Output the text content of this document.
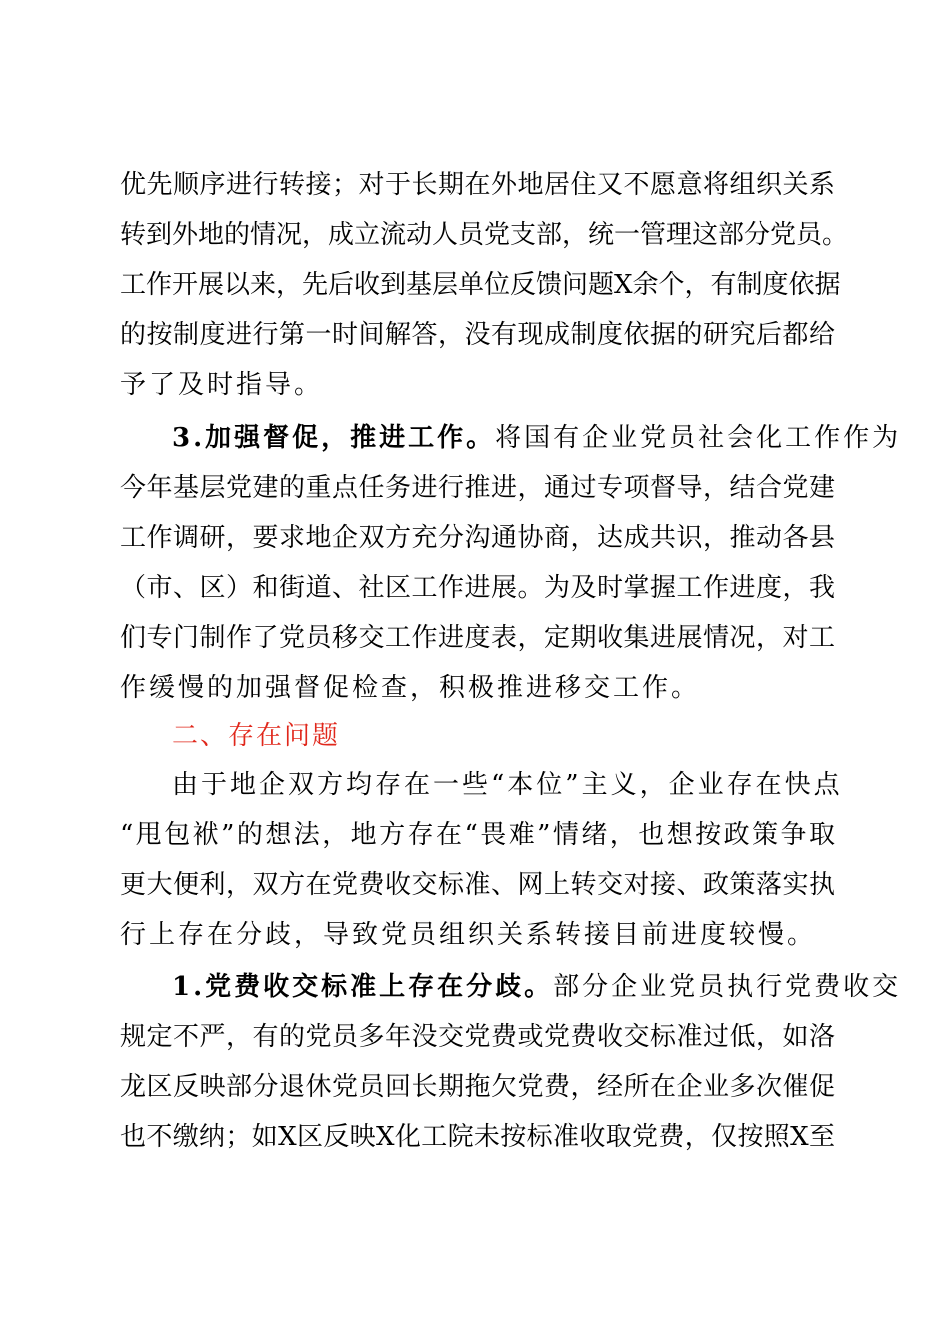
优先顺序进行转接；对于长期在外地居住又不愿意将组织关系
转到外地的情况，成立流动人员党支部，统一管理这部分党员。
工作开展以来，先后收到基层单位反馈问题X余个，有制度依据
的按制度进行第一时间解答，没有现成制度依据的研究后都给
予了及时指导。
3.加强督促，推进工作。将国有企业党员社会化工作作为
今年基层党建的重点任务进行推进，通过专项督导，结合党建
工作调研，要求地企双方充分沟通协商，达成共识，推动各县
（市、区）和街道、社区工作进展。为及时掌握工作进度，我
们专门制作了党员移交工作进度表，定期收集进展情况，对工
作缓慢的加强督促检查，积极推进移交工作。
二、存在问题
由于地企双方均存在一些“本位”主义，企业存在快点
“甩包袱”的想法，地方存在“畏难”情绪，也想按政策争取
更大便利，双方在党费收交标准、网上转交对接、政策落实执
行上存在分歧，导致党员组织关系转接目前进度较慢。
1.党费收交标准上存在分歧。部分企业党员执行党费收交
规定不严，有的党员多年没交党费或党费收交标准过低，如洛
龙区反映部分退休党员回长期拖欠党费，经所在企业多次催促
也不缴纳；如X区反映X化工院未按标准收取党费，仅按照X至
